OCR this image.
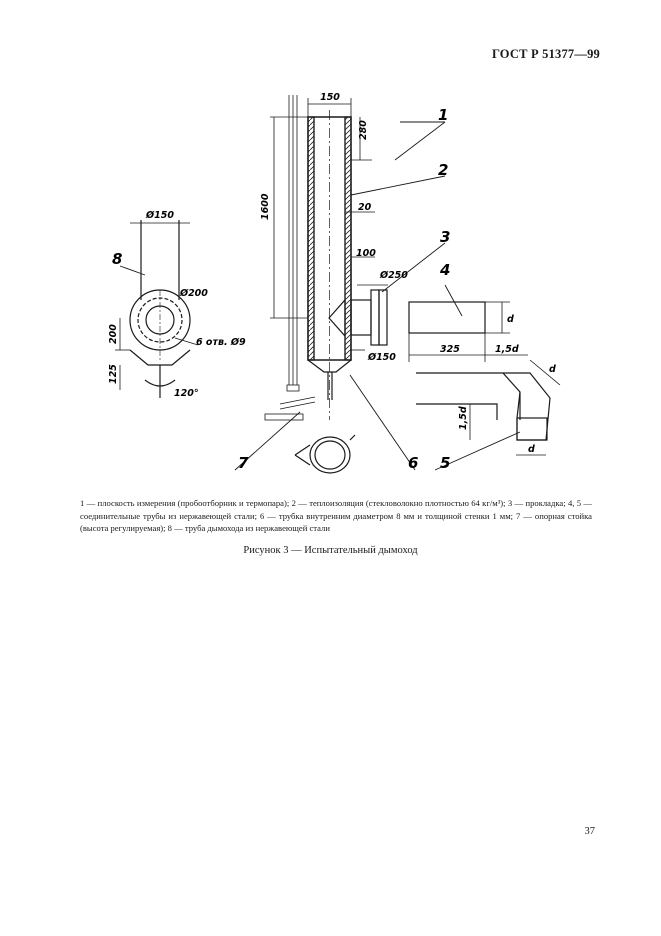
ГОСТ Р 51377—99
150
280
1600	20
100
Ø250
Ø150
325	1,5d
d
d
1,5d
d
Ø150
Ø200
200
125
6 отв. Ø9
120°
1
2
3
4
5
6
7
8
1 — плоскость измерения (пробоотборник и термопара); 2 — теплоизоляция (стекловолокно плотностью 64 кг/м³); 3 — прокладка; 4, 5 — соединительные трубы из нержавеющей стали; 6 — трубка внутренним диаметром 8 мм и толщиной стенки 1 мм; 7 — опорная стойка (высота регулируемая); 8 — труба дымохода из нержавеющей стали
Рисунок 3 — Испытательный дымоход
37
